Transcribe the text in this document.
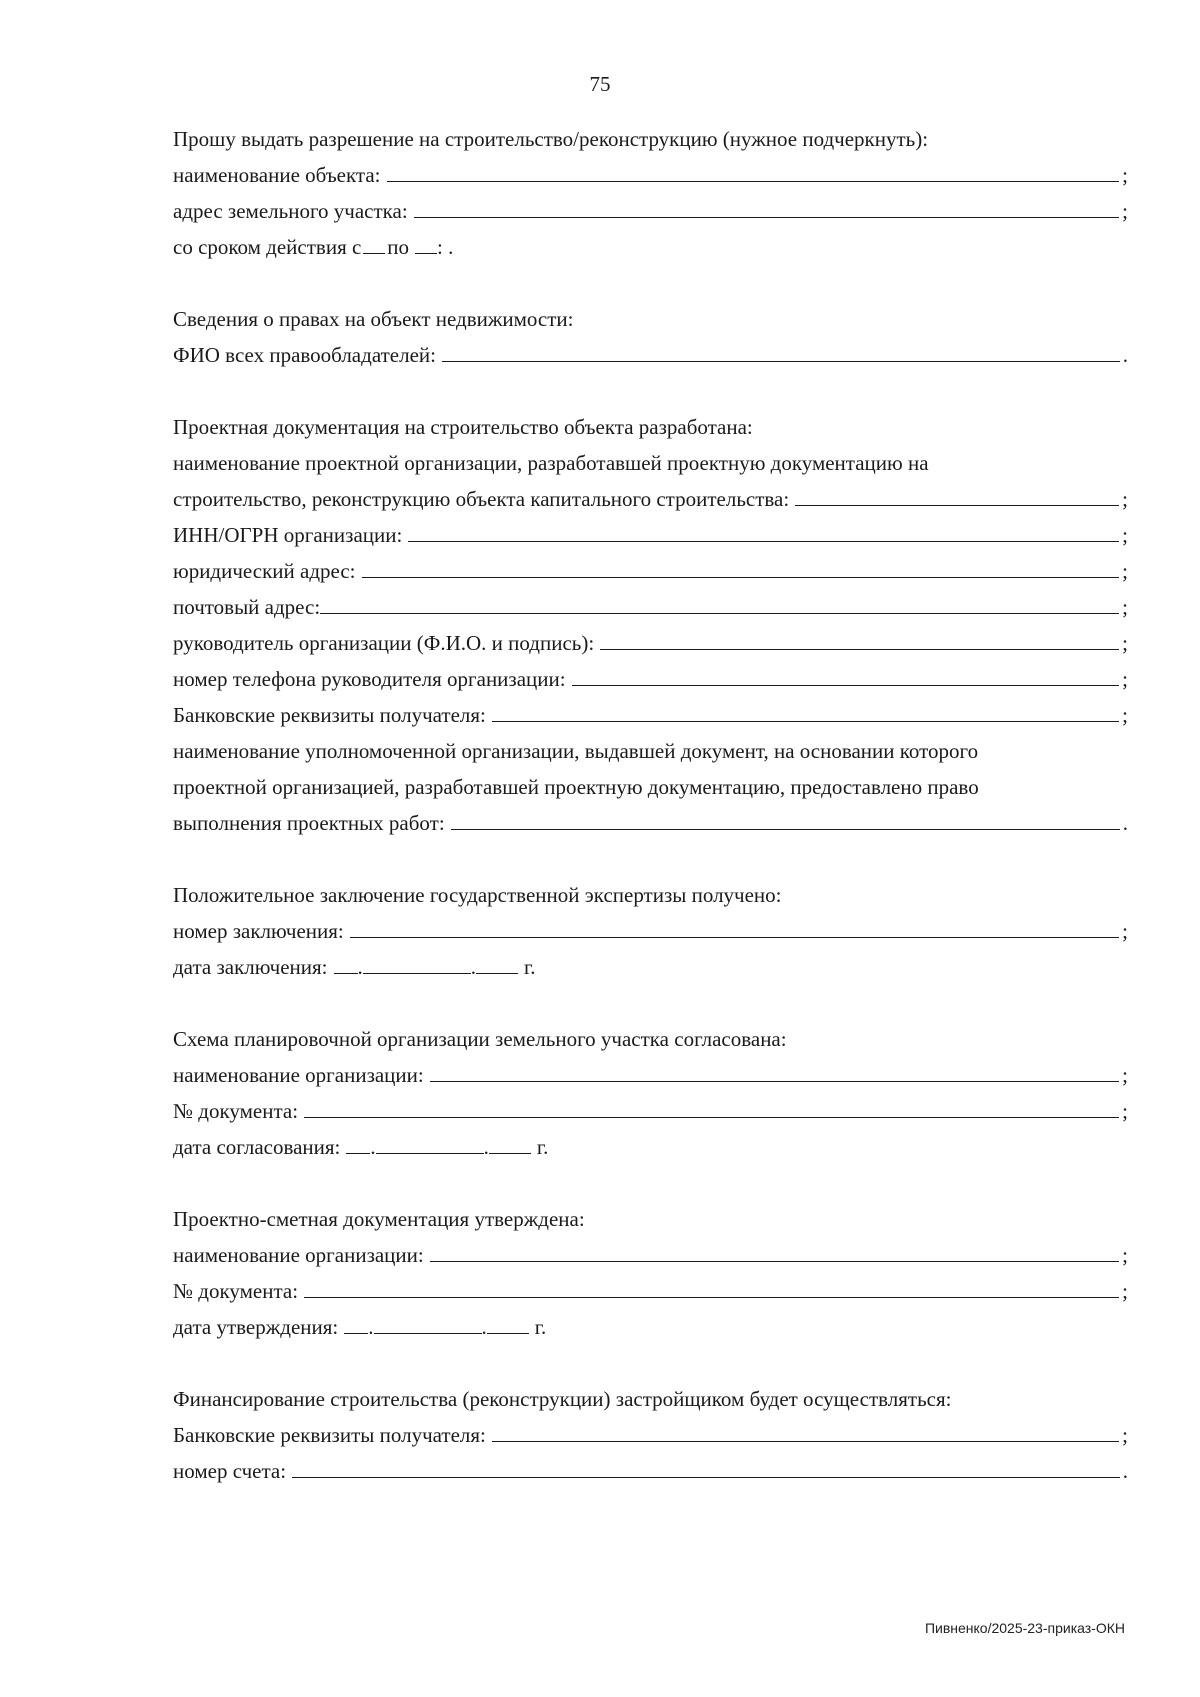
75
Прошу выдать разрешение на строительство/реконструкцию (нужное подчеркнуть):
наименование объекта:	;
адрес земельного участка:	;
со сроком действия с по : .
Сведения о правах на объект недвижимости:
ФИО всех правообладателей:	.
Проектная документация на строительство объекта разработана:
наименование проектной организации, разработавшей проектную документацию на
строительство, реконструкцию объекта капитального строительства:	;
ИНН/ОГРН организации:	;
юридический адрес:	;
почтовый адрес:	;
руководитель организации (Ф.И.О. и подпись):	;
номер телефона руководителя организации:	;
Банковские реквизиты получателя:	;
наименование уполномоченной организации, выдавшей документ, на основании которого
проектной организацией, разработавшей проектную документацию, предоставлено право
выполнения проектных работ:	.
Положительное заключение государственной экспертизы получено:
номер заключения:	;
дата заключения: .	. г.
Схема планировочной организации земельного участка согласована:
наименование организации:	;
№ документа:	;
дата согласования: .	. г.
Проектно-сметная документация утверждена:
наименование организации:	;
№ документа:	;
дата утверждения: .	. г.
Финансирование строительства (реконструкции) застройщиком будет осуществляться:
Банковские реквизиты получателя:	;
номер счета:	.
Пивненко/2025-23-приказ-ОКН
